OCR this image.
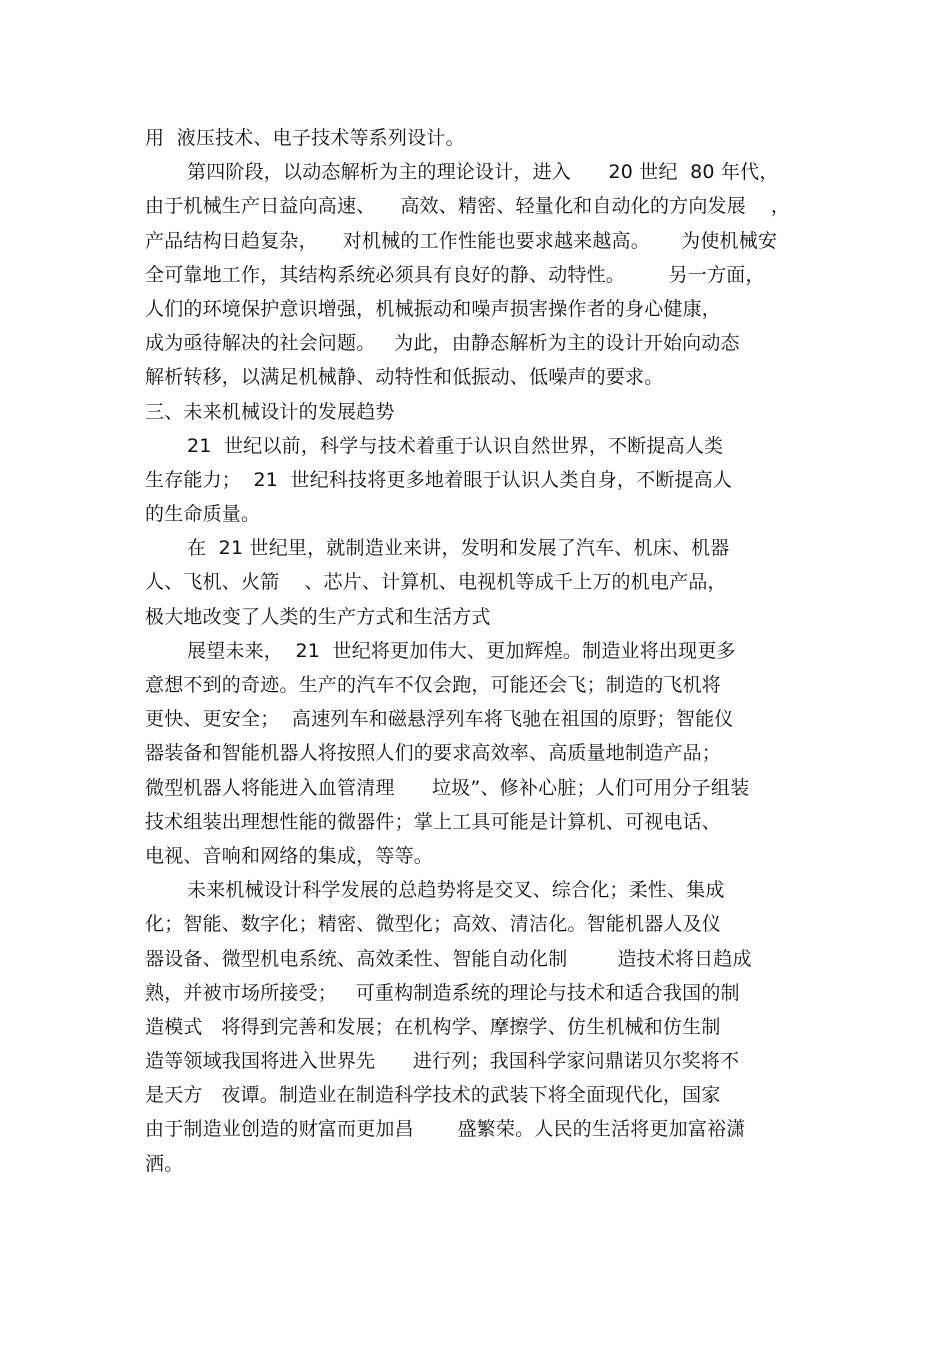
用  液压技术、电子技术等系列设计。
第四阶段，以动态解析为主的理论设计，进入      20 世纪  80 年代，
由于机械生产日益向高速、    高效、精密、轻量化和自动化的方向发展    ，
产品结构日趋复杂，    对机械的工作性能也要求越来越高。     为使机械安
全可靠地工作，其结构系统必须具有良好的静、动特性。       另一方面，
人们的环境保护意识增强，机械振动和噪声损害操作者的身心健康，
成为亟待解决的社会问题。   为此，由静态解析为主的设计开始向动态
解析转移，以满足机械静、动特性和低振动、低噪声的要求。
三、未来机械设计的发展趋势
21  世纪以前，科学与技术着重于认识自然世界，不断提高人类
生存能力；  21  世纪科技将更多地着眼于认识人类自身，不断提高人
的生命质量。
在  21 世纪里，就制造业来讲，发明和发展了汽车、机床、机器
人、飞机、火箭    、芯片、计算机、电视机等成千上万的机电产品，
极大地改变了人类的生产方式和生活方式
展望未来，  21  世纪将更加伟大、更加辉煌。制造业将出现更多
意想不到的奇迹。生产的汽车不仅会跑，可能还会飞；制造的飞机将
更快、更安全；  高速列车和磁悬浮列车将飞驰在祖国的原野；智能仪
器装备和智能机器人将按照人们的要求高效率、高质量地制造产品；
微型机器人将能进入血管清理      垃圾”、修补心脏；人们可用分子组装
技术组装出理想性能的微器件；掌上工具可能是计算机、可视电话、
电视、音响和网络的集成，等等。
未来机械设计科学发展的总趋势将是交叉、综合化；柔性、集成
化；智能、数字化；精密、微型化；高效、清洁化。智能机器人及仪
器设备、微型机电系统、高效柔性、智能自动化制        造技术将日趋成
熟，并被市场所接受；   可重构制造系统的理论与技术和适合我国的制
造模式   将得到完善和发展；在机构学、摩擦学、仿生机械和仿生制
造等领域我国将进入世界先      进行列；我国科学家问鼎诺贝尔奖将不
是天方   夜谭。制造业在制造科学技术的武装下将全面现代化，国家
由于制造业创造的财富而更加昌       盛繁荣。人民的生活将更加富裕潇
洒。
